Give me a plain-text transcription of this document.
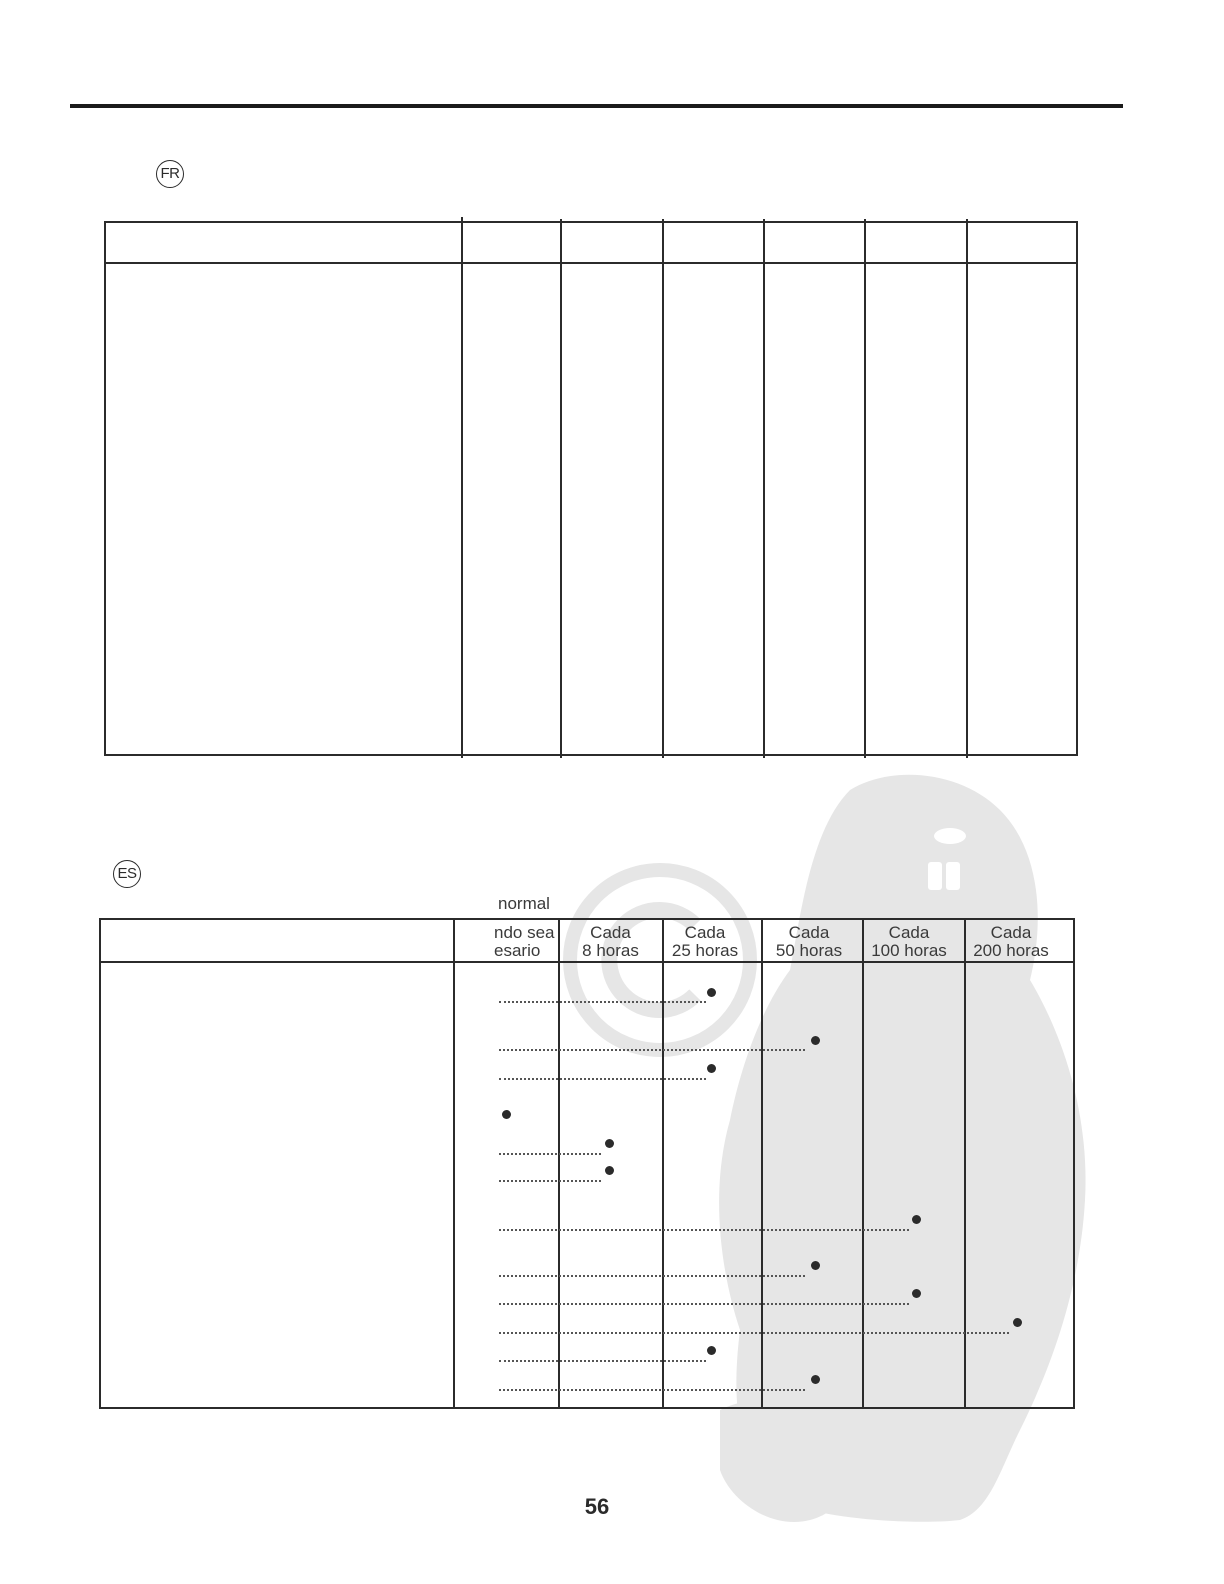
FR
ES
normal
ndo sea
esario
Cada
8 horas
Cada
25 horas
Cada
50 horas
Cada
100 horas
Cada
200 horas
56
